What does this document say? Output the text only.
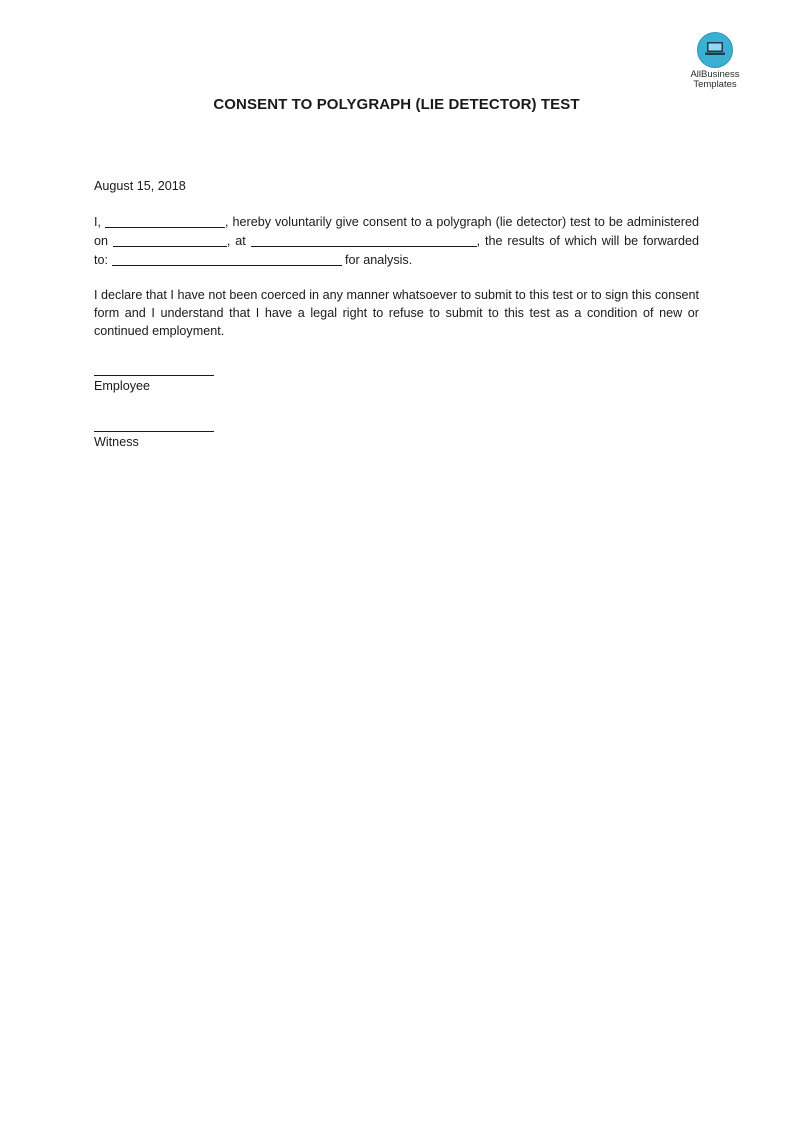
AllBusiness
Templates
CONSENT TO POLYGRAPH (LIE DETECTOR) TEST

August 15, 2018

I,	, hereby voluntarily give consent to a polygraph (lie detector) test to be administered on	, at	, the results of which will be forwarded to:	for analysis.

I declare that I have not been coerced in any manner whatsoever to submit to this test or to sign this consent form and I understand that I have a legal right to refuse to submit to this test as a condition of new or continued employment.

Employee
Witness
